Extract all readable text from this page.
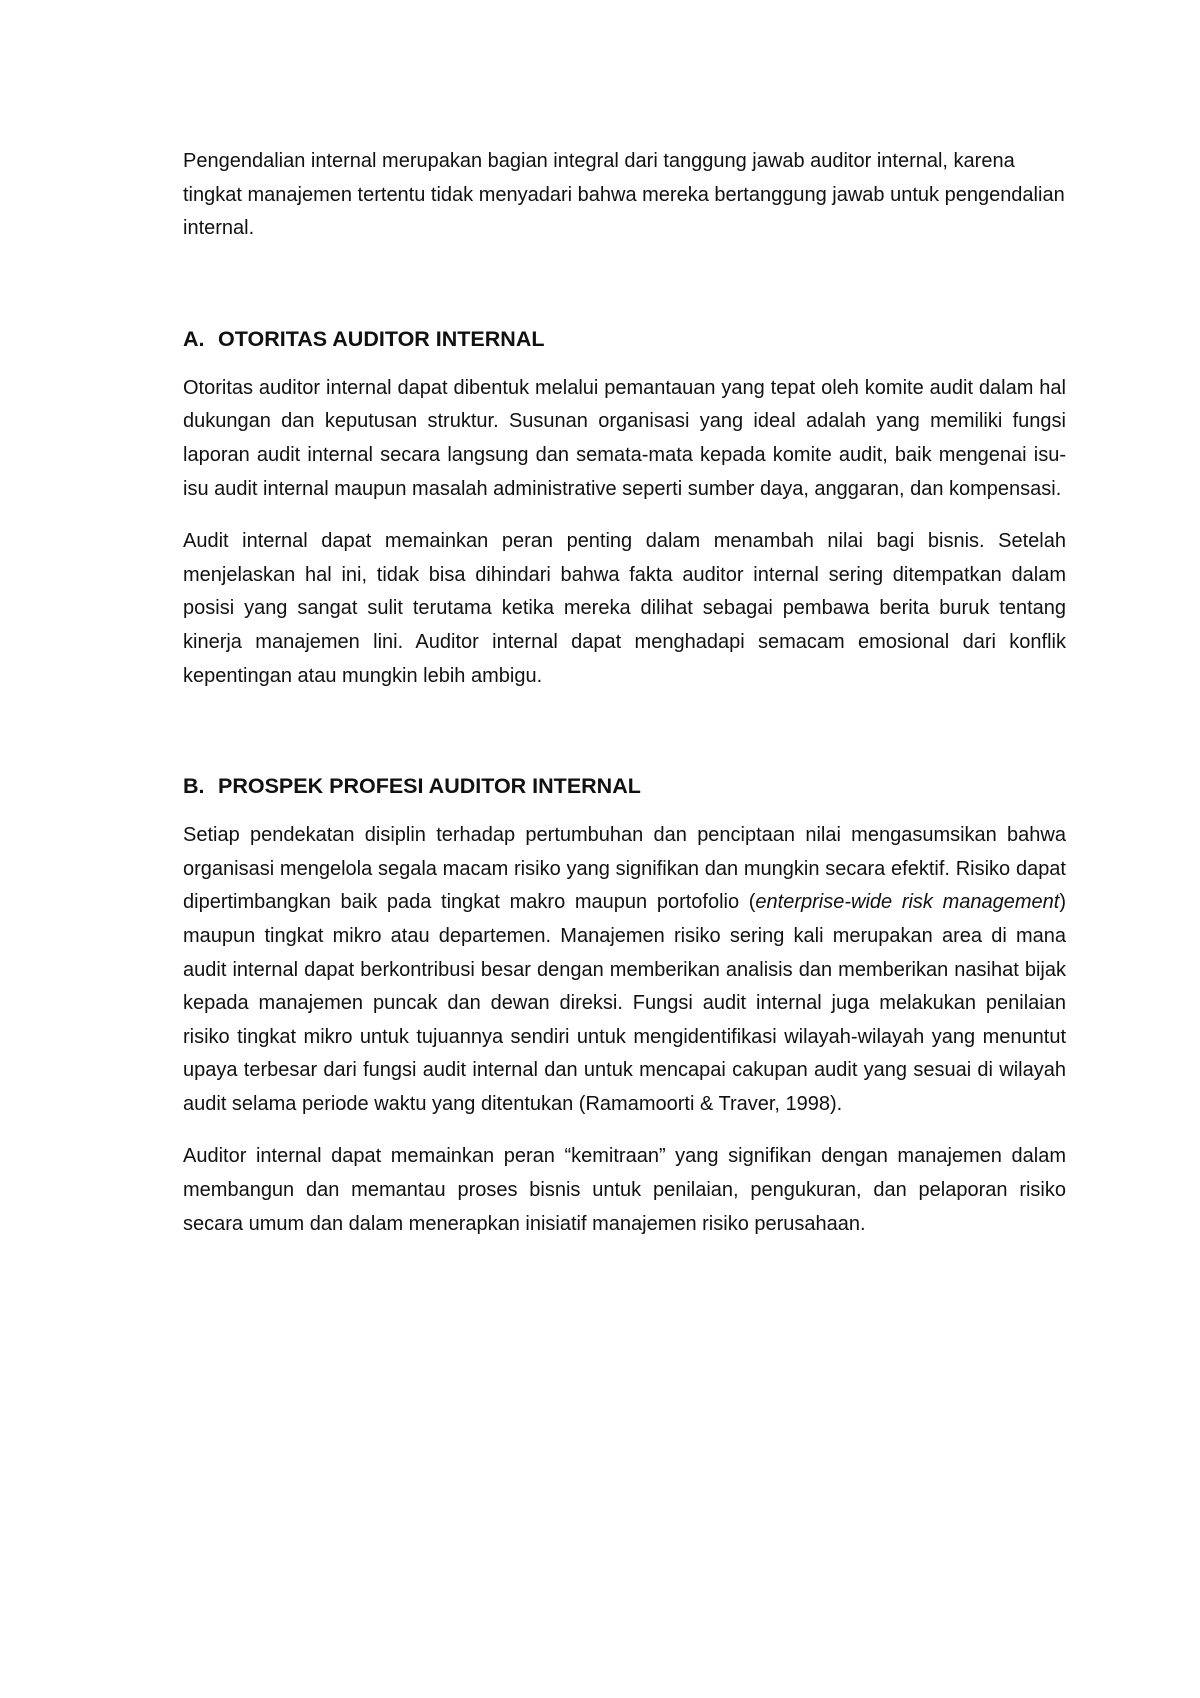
Pengendalian internal merupakan bagian integral dari tanggung jawab auditor internal, karena tingkat manajemen tertentu tidak menyadari bahwa mereka bertanggung jawab untuk pengendalian internal.

A. OTORITAS AUDITOR INTERNAL

Otoritas auditor internal dapat dibentuk melalui pemantauan yang tepat oleh komite audit dalam hal dukungan dan keputusan struktur. Susunan organisasi yang ideal adalah yang memiliki fungsi laporan audit internal secara langsung dan semata-mata kepada komite audit, baik mengenai isu-isu audit internal maupun masalah administrative seperti sumber daya, anggaran, dan kompensasi.

Audit internal dapat memainkan peran penting dalam menambah nilai bagi bisnis. Setelah menjelaskan hal ini, tidak bisa dihindari bahwa fakta auditor internal sering ditempatkan dalam posisi yang sangat sulit terutama ketika mereka dilihat sebagai pembawa berita buruk tentang kinerja manajemen lini. Auditor internal dapat menghadapi semacam emosional dari konflik kepentingan atau mungkin lebih ambigu.

B. PROSPEK PROFESI AUDITOR INTERNAL

Setiap pendekatan disiplin terhadap pertumbuhan dan penciptaan nilai mengasumsikan bahwa organisasi mengelola segala macam risiko yang signifikan dan mungkin secara efektif. Risiko dapat dipertimbangkan baik pada tingkat makro maupun portofolio (enterprise-wide risk management) maupun tingkat mikro atau departemen. Manajemen risiko sering kali merupakan area di mana audit internal dapat berkontribusi besar dengan memberikan analisis dan memberikan nasihat bijak kepada manajemen puncak dan dewan direksi. Fungsi audit internal juga melakukan penilaian risiko tingkat mikro untuk tujuannya sendiri untuk mengidentifikasi wilayah-wilayah yang menuntut upaya terbesar dari fungsi audit internal dan untuk mencapai cakupan audit yang sesuai di wilayah audit selama periode waktu yang ditentukan (Ramamoorti & Traver, 1998).

Auditor internal dapat memainkan peran “kemitraan” yang signifikan dengan manajemen dalam membangun dan memantau proses bisnis untuk penilaian, pengukuran, dan pelaporan risiko secara umum dan dalam menerapkan inisiatif manajemen risiko perusahaan.
